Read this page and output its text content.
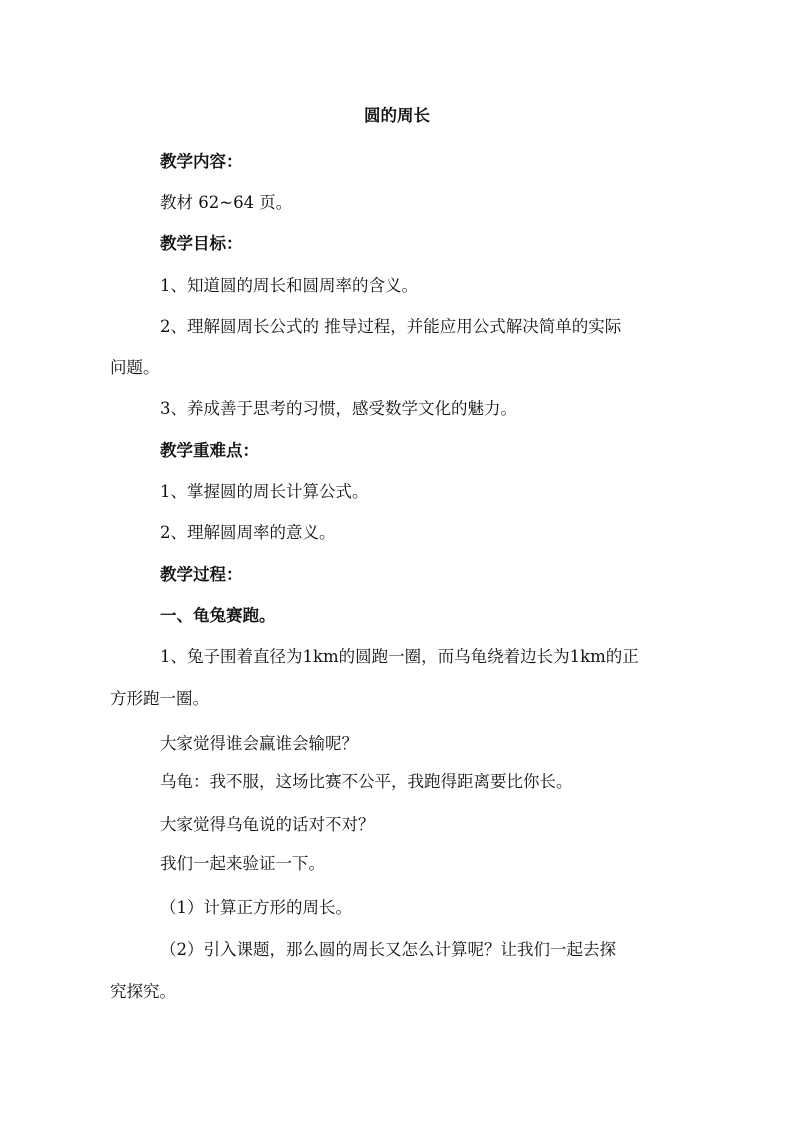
圆的周长
教学内容：
教材 62~64 页。
教学目标：
1、知道圆的周长和圆周率的含义。
2、理解圆周长公式的 推导过程，并能应用公式解决简单的实际
问题。
3、养成善于思考的习惯，感受数学文化的魅力。
教学重难点：
1、掌握圆的周长计算公式。
2、理解圆周率的意义。
教学过程：
一、龟兔赛跑。
1、兔子围着直径为1km的圆跑一圈，而乌龟绕着边长为1km的正
方形跑一圈。
大家觉得谁会赢谁会输呢？
乌龟：我不服，这场比赛不公平，我跑得距离要比你长。
大家觉得乌龟说的话对不对？
我们一起来验证一下。
（1）计算正方形的周长。
（2）引入课题，那么圆的周长又怎么计算呢？让我们一起去探
究探究。
